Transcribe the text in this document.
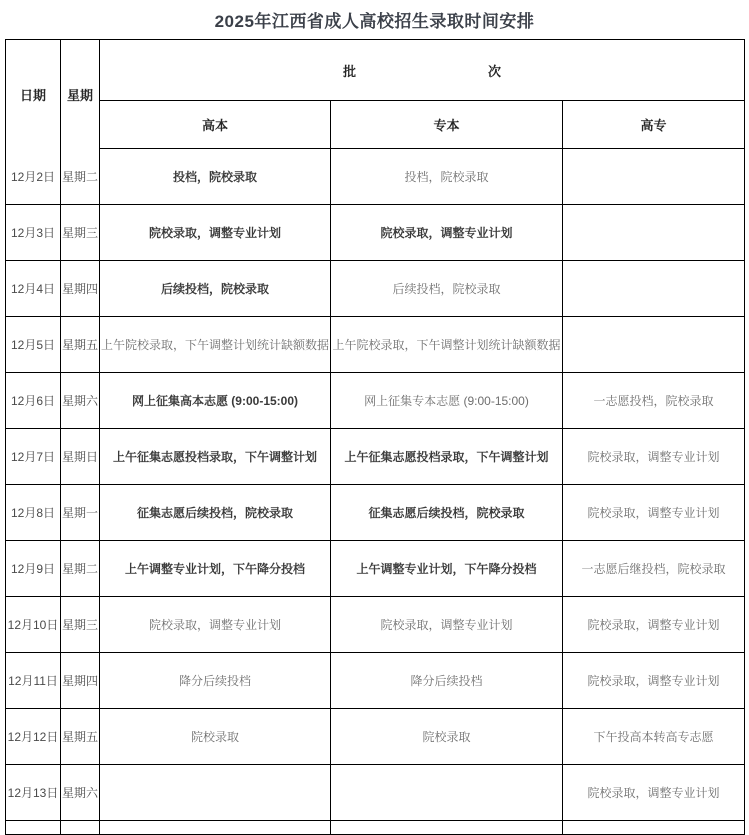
2025年江西省成人高校招生录取时间安排
日期	星期	批 次		

		高本	专本	高专
12月2日	星期二	投档，院校录取	投档，院校录取	
12月3日	星期三	院校录取，调整专业计划	院校录取，调整专业计划	
12月4日	星期四	后续投档，院校录取	后续投档，院校录取	
12月5日	星期五	上午院校录取，下午调整计划统计缺额数据	上午院校录取，下午调整计划统计缺额数据	
12月6日	星期六	网上征集高本志愿 (9:00-15:00)	网上征集专本志愿 (9:00-15:00)	一志愿投档，院校录取
12月7日	星期日	上午征集志愿投档录取，下午调整计划	上午征集志愿投档录取，下午调整计划	院校录取，调整专业计划
12月8日	星期一	征集志愿后续投档，院校录取	征集志愿后续投档，院校录取	院校录取，调整专业计划
12月9日	星期二	上午调整专业计划，下午降分投档	上午调整专业计划，下午降分投档	一志愿后继投档，院校录取
12月10日	星期三	院校录取，调整专业计划	院校录取，调整专业计划	院校录取，调整专业计划
12月11日	星期四	降分后续投档	降分后续投档	院校录取，调整专业计划
12月12日	星期五	院校录取	院校录取	下午投高本转高专志愿
12月13日	星期六			院校录取，调整专业计划
